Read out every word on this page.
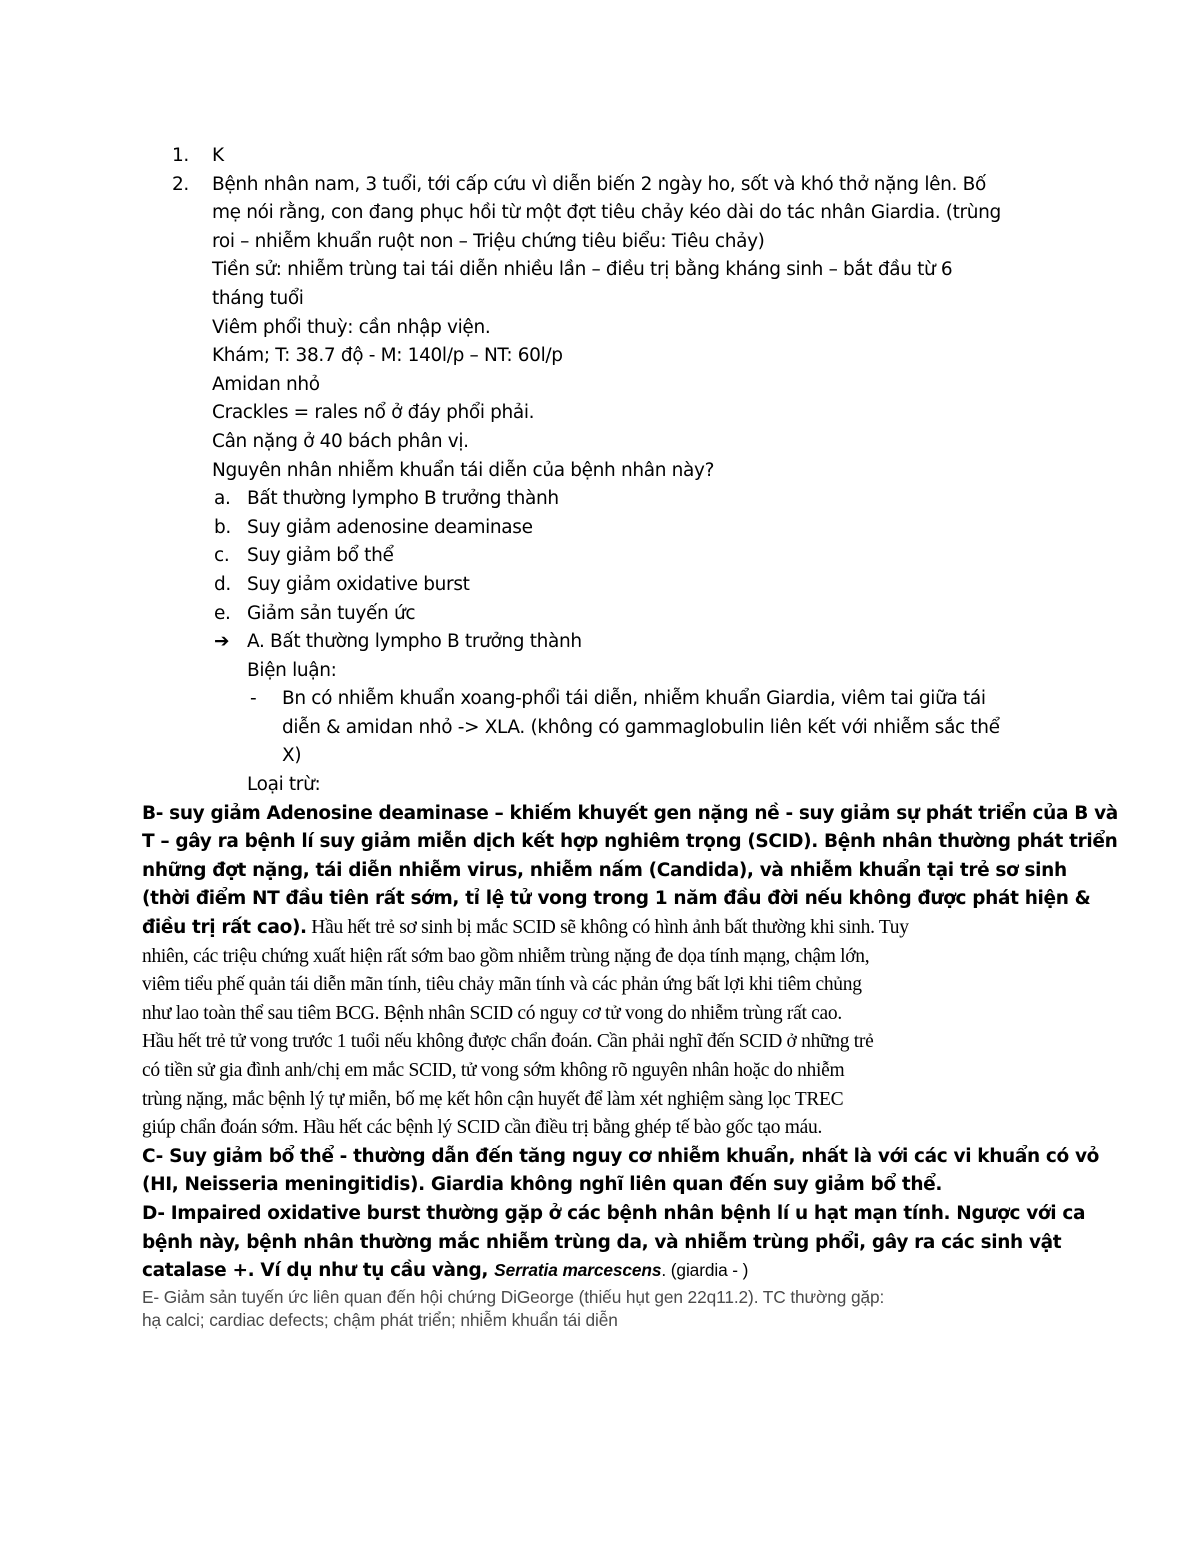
1. K
2. Bệnh nhân nam, 3 tuổi, tới cấp cứu vì diễn biến 2 ngày ho, sốt và khó thở nặng lên. Bố
mẹ nói rằng, con đang phục hồi từ một đợt tiêu chảy kéo dài do tác nhân Giardia. (trùng
roi – nhiễm khuẩn ruột non – Triệu chứng tiêu biểu: Tiêu chảy)
Tiền sử: nhiễm trùng tai tái diễn nhiều lần – điều trị bằng kháng sinh – bắt đầu từ 6
tháng tuổi
Viêm phổi thuỳ: cần nhập viện.
Khám; T: 38.7 độ - M: 140l/p – NT: 60l/p
Amidan nhỏ
Crackles = rales nổ ở đáy phổi phải.
Cân nặng ở 40 bách phân vị.
Nguyên nhân nhiễm khuẩn tái diễn của bệnh nhân này?
a. Bất thường lympho B trưởng thành
b. Suy giảm adenosine deaminase
c. Suy giảm bổ thể
d. Suy giảm oxidative burst
e. Giảm sản tuyến ức
➔ A. Bất thường lympho B trưởng thành
Biện luận:
- Bn có nhiễm khuẩn xoang-phổi tái diễn, nhiễm khuẩn Giardia, viêm tai giữa tái
diễn & amidan nhỏ -> XLA. (không có gammaglobulin liên kết với nhiễm sắc thể
X)
Loại trừ:
B- suy giảm Adenosine deaminase – khiếm khuyết gen nặng nề - suy giảm sự phát triển của B và
T – gây ra bệnh lí suy giảm miễn dịch kết hợp nghiêm trọng (SCID). Bệnh nhân thường phát triển
những đợt nặng, tái diễn nhiễm virus, nhiễm nấm (Candida), và nhiễm khuẩn tại trẻ sơ sinh
(thời điểm NT đầu tiên rất sớm, tỉ lệ tử vong trong 1 năm đầu đời nếu không được phát hiện &
điều trị rất cao). Hầu hết trẻ sơ sinh bị mắc SCID sẽ không có hình ảnh bất thường khi sinh. Tuy
nhiên, các triệu chứng xuất hiện rất sớm bao gồm nhiễm trùng nặng đe dọa tính mạng, chậm lớn,
viêm tiểu phế quản tái diễn mãn tính, tiêu chảy mãn tính và các phản ứng bất lợi khi tiêm chủng
như lao toàn thể sau tiêm BCG. Bệnh nhân SCID có nguy cơ tử vong do nhiễm trùng rất cao.
Hầu hết trẻ tử vong trước 1 tuổi nếu không được chẩn đoán. Cần phải nghĩ đến SCID ở những trẻ
có tiền sử gia đình anh/chị em mắc SCID, tử vong sớm không rõ nguyên nhân hoặc do nhiễm
trùng nặng, mắc bệnh lý tự miễn, bố mẹ kết hôn cận huyết để làm xét nghiệm sàng lọc TREC
giúp chẩn đoán sớm. Hầu hết các bệnh lý SCID cần điều trị bằng ghép tế bào gốc tạo máu.
C- Suy giảm bổ thể - thường dẫn đến tăng nguy cơ nhiễm khuẩn, nhất là với các vi khuẩn có vỏ
(HI, Neisseria meningitidis). Giardia không nghĩ liên quan đến suy giảm bổ thể.
D- Impaired oxidative burst thường gặp ở các bệnh nhân bệnh lí u hạt mạn tính. Ngược với ca
bệnh này, bệnh nhân thường mắc nhiễm trùng da, và nhiễm trùng phổi, gây ra các sinh vật
catalase +. Ví dụ như tụ cầu vàng, Serratia marcescens. (giardia - )
E- Giảm sản tuyến ức liên quan đến hội chứng DiGeorge (thiếu hụt gen 22q11.2). TC thường gặp:
hạ calci; cardiac defects; chậm phát triển; nhiễm khuẩn tái diễn
